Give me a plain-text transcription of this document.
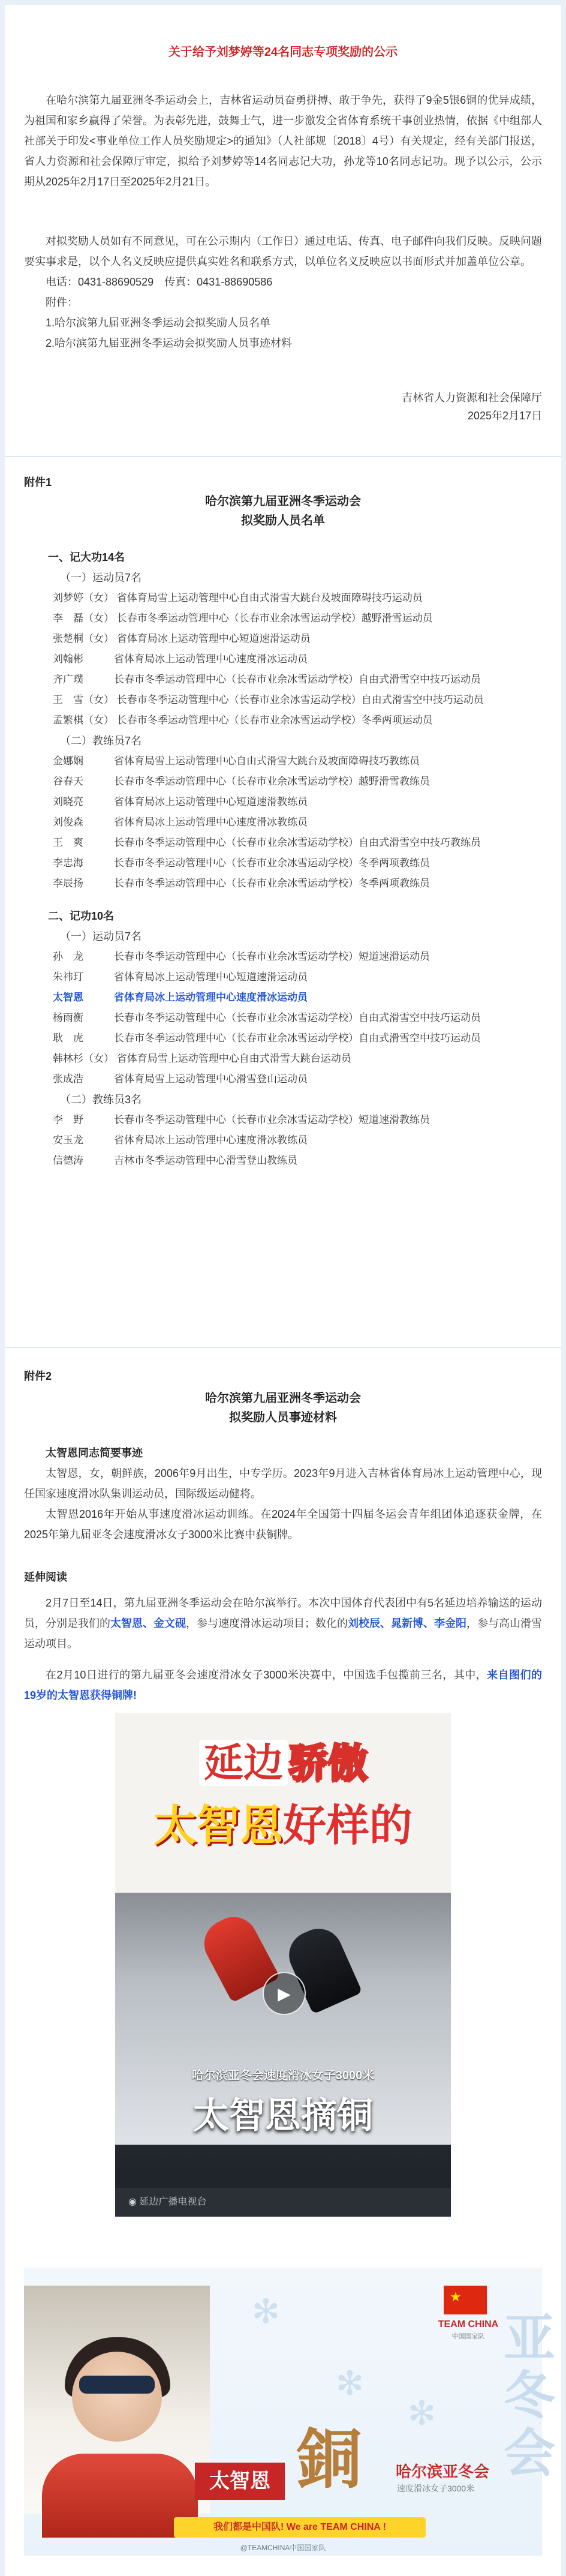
关于给予刘梦婷等24名同志专项奖励的公示

在哈尔滨第九届亚洲冬季运动会上，吉林省运动员奋勇拼搏、敢于争先，获得了9金5银6铜的优异成绩，为祖国和家乡赢得了荣誉。为表彰先进，鼓舞士气，进一步激发全省体育系统干事创业热情，依据《中组部人社部关于印发<事业单位工作人员奖励规定>的通知》（人社部规〔2018〕4号）有关规定，经有关部门报送，省人力资源和社会保障厅审定，拟给予刘梦婷等14名同志记大功，孙龙等10名同志记功。现予以公示，公示期从2025年2月17日至2025年2月21日。

对拟奖励人员如有不同意见，可在公示期内（工作日）通过电话、传真、电子邮件向我们反映。反映问题要实事求是，以个人名义反映应提供真实姓名和联系方式，以单位名义反映应以书面形式并加盖单位公章。

电话：0431-88690529　传真：0431-88690586

附件：

1.哈尔滨第九届亚洲冬季运动会拟奖励人员名单

2.哈尔滨第九届亚洲冬季运动会拟奖励人员事迹材料

吉林省人力资源和社会保障厅
2025年2月17日
附件1
哈尔滨第九届亚洲冬季运动会
拟奖励人员名单
一、记大功14名
（一）运动员7名
刘梦婷（女） 省体育局雪上运动管理中心自由式滑雪大跳台及坡面障碍技巧运动员
李　磊（女） 长春市冬季运动管理中心（长春市业余冰雪运动学校）越野滑雪运动员
张楚桐（女） 省体育局冰上运动管理中心短道速滑运动员
刘翰彬　　　省体育局冰上运动管理中心速度滑冰运动员
齐广璞　　　长春市冬季运动管理中心（长春市业余冰雪运动学校）自由式滑雪空中技巧运动员
王　雪（女） 长春市冬季运动管理中心（长春市业余冰雪运动学校）自由式滑雪空中技巧运动员
孟繁棋（女） 长春市冬季运动管理中心（长春市业余冰雪运动学校）冬季两项运动员
（二）教练员7名
金娜娴　　　省体育局雪上运动管理中心自由式滑雪大跳台及坡面障碍技巧教练员
谷春天　　　长春市冬季运动管理中心（长春市业余冰雪运动学校）越野滑雪教练员
刘晓亮　　　省体育局冰上运动管理中心短道速滑教练员
刘俊森　　　省体育局冰上运动管理中心速度滑冰教练员
王　爽　　　长春市冬季运动管理中心（长春市业余冰雪运动学校）自由式滑雪空中技巧教练员
李忠海　　　长春市冬季运动管理中心（长春市业余冰雪运动学校）冬季两项教练员
李辰扬　　　长春市冬季运动管理中心（长春市业余冰雪运动学校）冬季两项教练员
二、记功10名
（一）运动员7名
孙　龙　　　长春市冬季运动管理中心（长春市业余冰雪运动学校）短道速滑运动员
朱祎玎　　　省体育局冰上运动管理中心短道速滑运动员
太智恩　　　省体育局冰上运动管理中心速度滑冰运动员
杨雨衡　　　长春市冬季运动管理中心（长春市业余冰雪运动学校）自由式滑雪空中技巧运动员
耿　虎　　　长春市冬季运动管理中心（长春市业余冰雪运动学校）自由式滑雪空中技巧运动员
韩林杉（女） 省体育局雪上运动管理中心自由式滑雪大跳台运动员
张成浩　　　省体育局雪上运动管理中心滑雪登山运动员
（二）教练员3名
李　野　　　长春市冬季运动管理中心（长春市业余冰雪运动学校）短道速滑教练员
安玉龙　　　省体育局冰上运动管理中心速度滑冰教练员
信德涛　　　吉林市冬季运动管理中心滑雪登山教练员
附件2
哈尔滨第九届亚洲冬季运动会
拟奖励人员事迹材料
太智恩同志简要事迹

太智恩，女，朝鲜族，2006年9月出生，中专学历。2023年9月进入吉林省体育局冰上运动管理中心，现任国家速度滑冰队集训运动员，国际级运动健将。

太智恩2016年开始从事速度滑冰运动训练。在2024年全国第十四届冬运会青年组团体追逐获金牌，在2025年第九届亚冬会速度滑冰女子3000米比赛中获铜牌。

延伸阅读

2月7日至14日，第九届亚洲冬季运动会在哈尔滨举行。本次中国体育代表团中有5名延边培养输送的运动员，分别是我们的太智恩、金文砚，参与速度滑冰运动项目；数化的刘校辰、晁新博、李金阳，参与高山滑雪运动项目。

在2月10日进行的第九届亚冬会速度滑冰女子3000米决赛中，中国选手包揽前三名，其中，来自图们的19岁的太智恩获得铜牌!

延边 骄傲
太智恩好样的
▶
哈尔滨亚冬会速度滑冰女子3000米
太智恩摘铜
◉ 延边广播电视台
✻
✻
✻
★
TEAM CHINA
中国国家队 亚冬会
太智恩 銅 哈尔滨亚冬会
速度滑冰女子3000米
我们都是中国队! We are TEAM CHINA !
@TEAMCHINA中国国家队
